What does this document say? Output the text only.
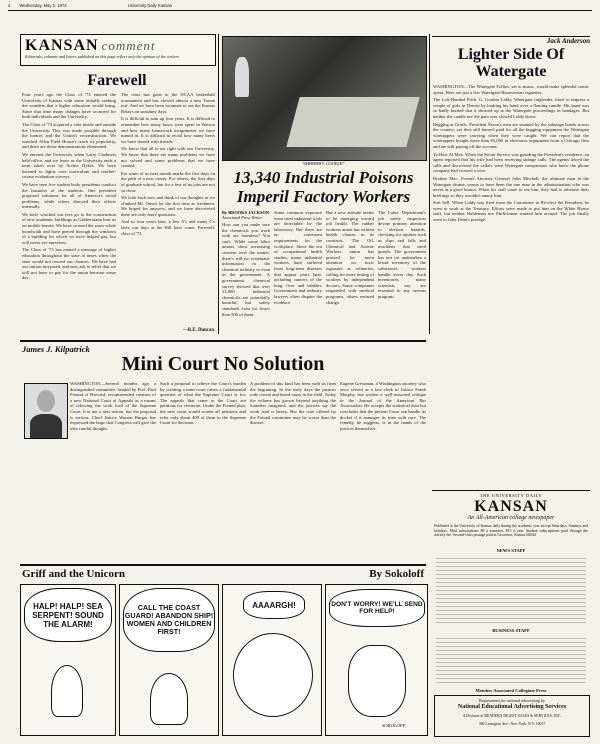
4 Wednesday, May 2, 1973	University Daily Kansan
KANSAN comment
Editorials, columns and letters published on this page reflect only the opinion of the writers.
Farewell

Four years ago the Class of '73 entered the University of Kansas with some initially seeking the wonders that a higher education would bring. Since that time many changes have occurred for both individuals and the University.

The Class of '73 acquired a vote inside and outside the University. This was made possible through the honors and the Union's reconstruction. We watched Allen Field House's reach its popularity, and there are those demonstrations eliminated.

We entered the University when Larry Chalmers held office, and we leave as the University ends a term taken over by Archie Dykes. We have listened to fights over curriculum and teacher-course evaluation surveys.

We have seen five student body presidents conduct the business of the students. One president proposed solutions for all of America's racial problems, while others directed their efforts internally.

We have watched our fees go to the construction of new academic buildings as Gabbermann hurt us on mobile homes. We have crossed the snow-white boardwalk and have peered through the windows of a building for which we have helped pay, but will never see ourselves.

The Class of '73 has earned a message of higher education throughout the state at times when the state would not reward our chances. We have had our tuition increased, and now ask to relief that we will not have to pay for the union because some day.

The class has gone to the NCAA basketball tournament and has viewed almost a new Tartan turf. And we have been fortunate to see the Kansas Relays on sunshiny days.

It is difficult to sum up four years. It is difficult to remember how many hours were spent in Watson and how many homework assignments we have turned in. It is difficult to recall how many beers we have shared with friends.

We know that all is not right with our University. We know that there are many problems we have not solved and some problems that we have created.

For some of us next month marks the first days on the path of a new career. For others, the first days of graduate school, but for a few of us jobs are not so clear.

We look back now and think of our thoughts as we climbed Mt. Oread for the first time as freshmen. We hoped for answers, and we have discovered there are only more questions.

And so four years later, a few A's and many C's later, our days at the Hill have come. Farewell, class of '73.

—R.E. Duncan
'SHHHHH!! COOKIE!'
13,340 Industrial Poisons Imperil Factory Workers
By BROOKS JACKSON
Associated Press Writer
How can you make sure the chemicals you work with are harmless? You can't. While some labor unions show increasing concern over the matter, there's still no systematic information in the chemical industry or even in the government. A government chemical survey showed that over 13,000 industrial chemicals are potentially harmful, but safety standards exist for fewer than 500 of them.
Some common exposure from used industrial tools are detectable by the laboratory. But there are no consistent requirements for the workplace. Since the era of occupational health studies, many industrial workers have suffered from long-term diseases that appear years later, including cancers of the lung, liver and bladder. Government and industry lawyers often dispute the evidence.
But a new attitude seems to be emerging toward job health. The rubber workers union has written health clauses in its contracts. The Oil, Chemical and Atomic Workers union has pressed for more attention on toxic exposure at refineries, calling for more testing of workers by independent doctors. Some companies responded with medical programs, others resisted change.
The Labor Department's job safety inspectors devote primary attention to obvious hazards, checking for injuries such as slips and falls and machines that need guards. The government has not yet undertaken a broad inventory of the substances workers handle every day. Such inventories, many scientists say, are essential to any serious program.
Jack Anderson
Lighter Side Of Watergate

WASHINGTON—The Watergate Follies, set to music, would make splendid comic opera. Here are just a few Watergate-Hanoverism vignettes.

The Left-Handed Pitch. G. Gordon Liddy, Watergate ringleader, liked to impress a couple of girls in Detroit by braking his hand over a flaming candle. His hand was so badly burned that it showed up at the Watergate proceedings in bandages. But neither the candle nor the pain ever slowed Liddy down.

Bugging at Gruffs. President Nixon's men are stunned by the sabotage bonds across the country, yet they still haven't paid for all the bugging equipment the Watergate wiretappers were carrying when they were caught. We can report that the wiretappers bought more than $3,000 in electronic equipment from a Chicago firm and are still paying off the account.

Ye Haw Al Mex. When the Secret Service was guarding the President's residence, an agent reported that his wife had been receiving strange calls. The agents traced the calls and discovered the callers were Watergate conspirators who knew the phone company had crossed a wire.

Brother Mac. Former Attorney General John Mitchell, the ultimate man in the Watergate drama, seems to have been the one man in the administration who was never in a good humor. When his staff came to see him, they had to rehearse their briefings so they wouldn't annoy him.

Soft Sell. When Liddy was fired from the Committee to Re-elect the President, he went to work at the Treasury. Efforts were made to put him on the White House staff, but neither Haldeman nor Ehrlichman wanted him around. The job finally went to John Dean's protégé.

James J. Kilpatrick
Mini Court No Solution
WASHINGTON—Several months ago a distinguished committee, headed by Prof. Paul Freund of Harvard, recommended creation of a new National Court of Appeals as a means of relieving the work load of the Supreme Court. It is not a new notion, but the proposal is serious. Chief Justice Warren Burger has expressed the hope that Congress will give the idea careful thought.
Such a proposal to relieve the Court's burden by creating a mini-court raises a fundamental question of what the Supreme Court is for. The appeals that come to the Court are petitions for certiorari. Under the Freund plan, the new court would screen all petitions and refer only about 400 of them to the Supreme Court for decision.
A problem of this kind has been with us from the beginning. In the early days the justices rode circuit and heard cases in the field. Today the volume has grown beyond anything the founders imagined, and the justices say the work load is heavy. But the cure offered by the Freund committee may be worse than the disease.
Eugene Gressman, a Washington attorney who once served as a law clerk to Justice Frank Murphy, has written a well-reasoned critique in the Journal of the American Bar Association. He accepts the statistical data but concludes that the present Court can handle its docket if it manages its time with care. The remedy, he suggests, is in the hands of the justices themselves.
Griff and the Unicorn	By Sokoloff
HALP! HALP! SEA SERPENT! SOUND THE ALARM!
CALL THE COAST GUARD! ABANDON SHIP! WOMEN AND CHILDREN FIRST!
AAAARGH!	DON'T WORRY! WE'LL SEND FOR HELP!
SOKOLOFF
THE UNIVERSITY DAILY
KANSAN
An All-American college newspaper
Published at the University of Kansas daily during the academic year except Saturdays, Sundays and holidays. Mail subscriptions $9 a semester, $15 a year. Student subscriptions paid through the activity fee. Second-class postage paid at Lawrence, Kansas 66044.
NEWS STAFF
BUSINESS STAFF
Member Associated Collegiate Press
Represented for national advertising by
National Educational Advertising Services
A Division of READER'S DIGEST SALES & SERVICES, INC.
360 Lexington Ave., New York, N.Y. 10017
